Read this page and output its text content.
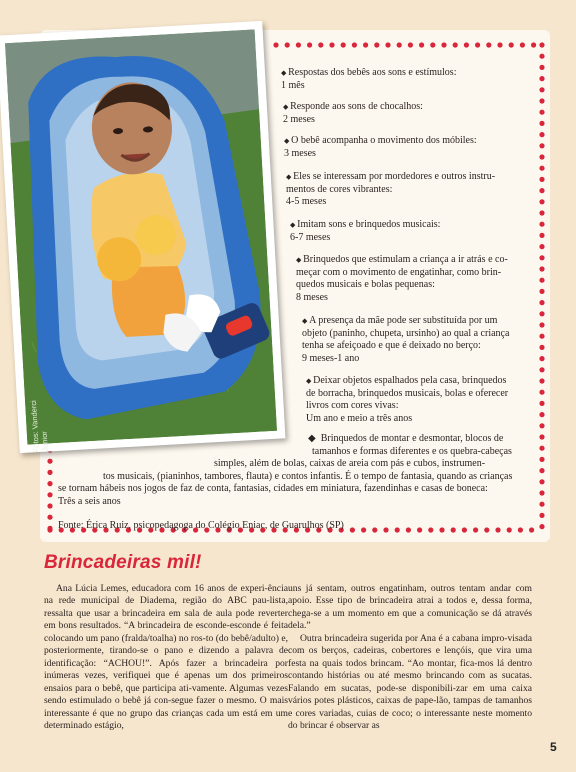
Fotos: Vanderci Junior
◆ Respostas dos bebês aos sons e estímulos:
1 mês
◆ Responde aos sons de chocalhos:
2 meses
◆ O bebê acompanha o movimento dos móbiles:
3 meses
◆ Eles se interessam por mordedores e outros instru-
mentos de cores vibrantes:
4-5 meses
◆ Imitam sons e brinquedos musicais:
6-7 meses
◆ Brinquedos que estimulam a criança a ir atrás e co-
meçar com o movimento de engatinhar, como brin-
quedos musicais e bolas pequenas:
8 meses
◆ A presença da mãe pode ser substituída por um
objeto (paninho, chupeta, ursinho) ao qual a criança
tenha se afeiçoado e que é deixado no berço:
9 meses-1 ano
◆ Deixar objetos espalhados pela casa, brinquedos
de borracha, brinquedos musicais, bolas e oferecer
livros com cores vivas:
Um ano e meio a três anos
◆  Brinquedos de montar e desmontar, blocos de
tamanhos e formas diferentes e os quebra-cabeças
simples, além de bolas, caixas de areia com pás e cubos, instrumen-
tos musicais, (pianinhos, tambores, flauta) e contos infantis. É o tempo de fantasia, quando as crianças
se tornam hábeis nos jogos de faz de conta, fantasias, cidades em miniatura, fazendinhas e casas de boneca:
Três a seis anos
Fonte: Érica Ruiz, psicopedagoga do Colégio Eniac, de Guarulhos (SP)
Brincadeiras mil!

Ana Lúcia Lemes, educadora com 16 anos de experi-ência na rede municipal de Diadema, região do ABC pau-lista, ressalta que usar a brincadeira em sala de aula pode reverter em bons resultados. “A brincadeira de esconde-esconde é feita colocando um pano (fralda/toalha) no ros-to (do bebê/adulto) e, posteriormente, tirando-se o pano e dizendo a palavra de identificação: “ACHOU!”. Após fazer a brincadeira por inúmeras vezes, verifiquei que é apenas um dos primeiros ensaios para o bebê, que participa ati-vamente. Algumas vezes sendo estimulado o bebê já con-segue fazer o mesmo. O mais interessante é que no grupo das crianças cada um está em um determinado estágio,

uns já sentam, outros engatinham, outros tentam andar com apoio. Esse tipo de brincadeira atrai a todos e, dessa forma, chega-se a um momento em que a comunicação se dá através dela.”

Outra brincadeira sugerida por Ana é a cabana impro-visada com os berços, cadeiras, cobertores e lençóis, que vira uma festa na quais todos brincam. “Ao montar, fica-mos lá dentro contando histórias ou até mesmo brincando com as sucatas. Falando em sucatas, pode-se disponibili-zar em uma caixa vários potes plásticos, caixas de pape-lão, tampas de tamanhos e cores variadas, cuias de coco; o interessante neste momento do brincar é observar as

5
